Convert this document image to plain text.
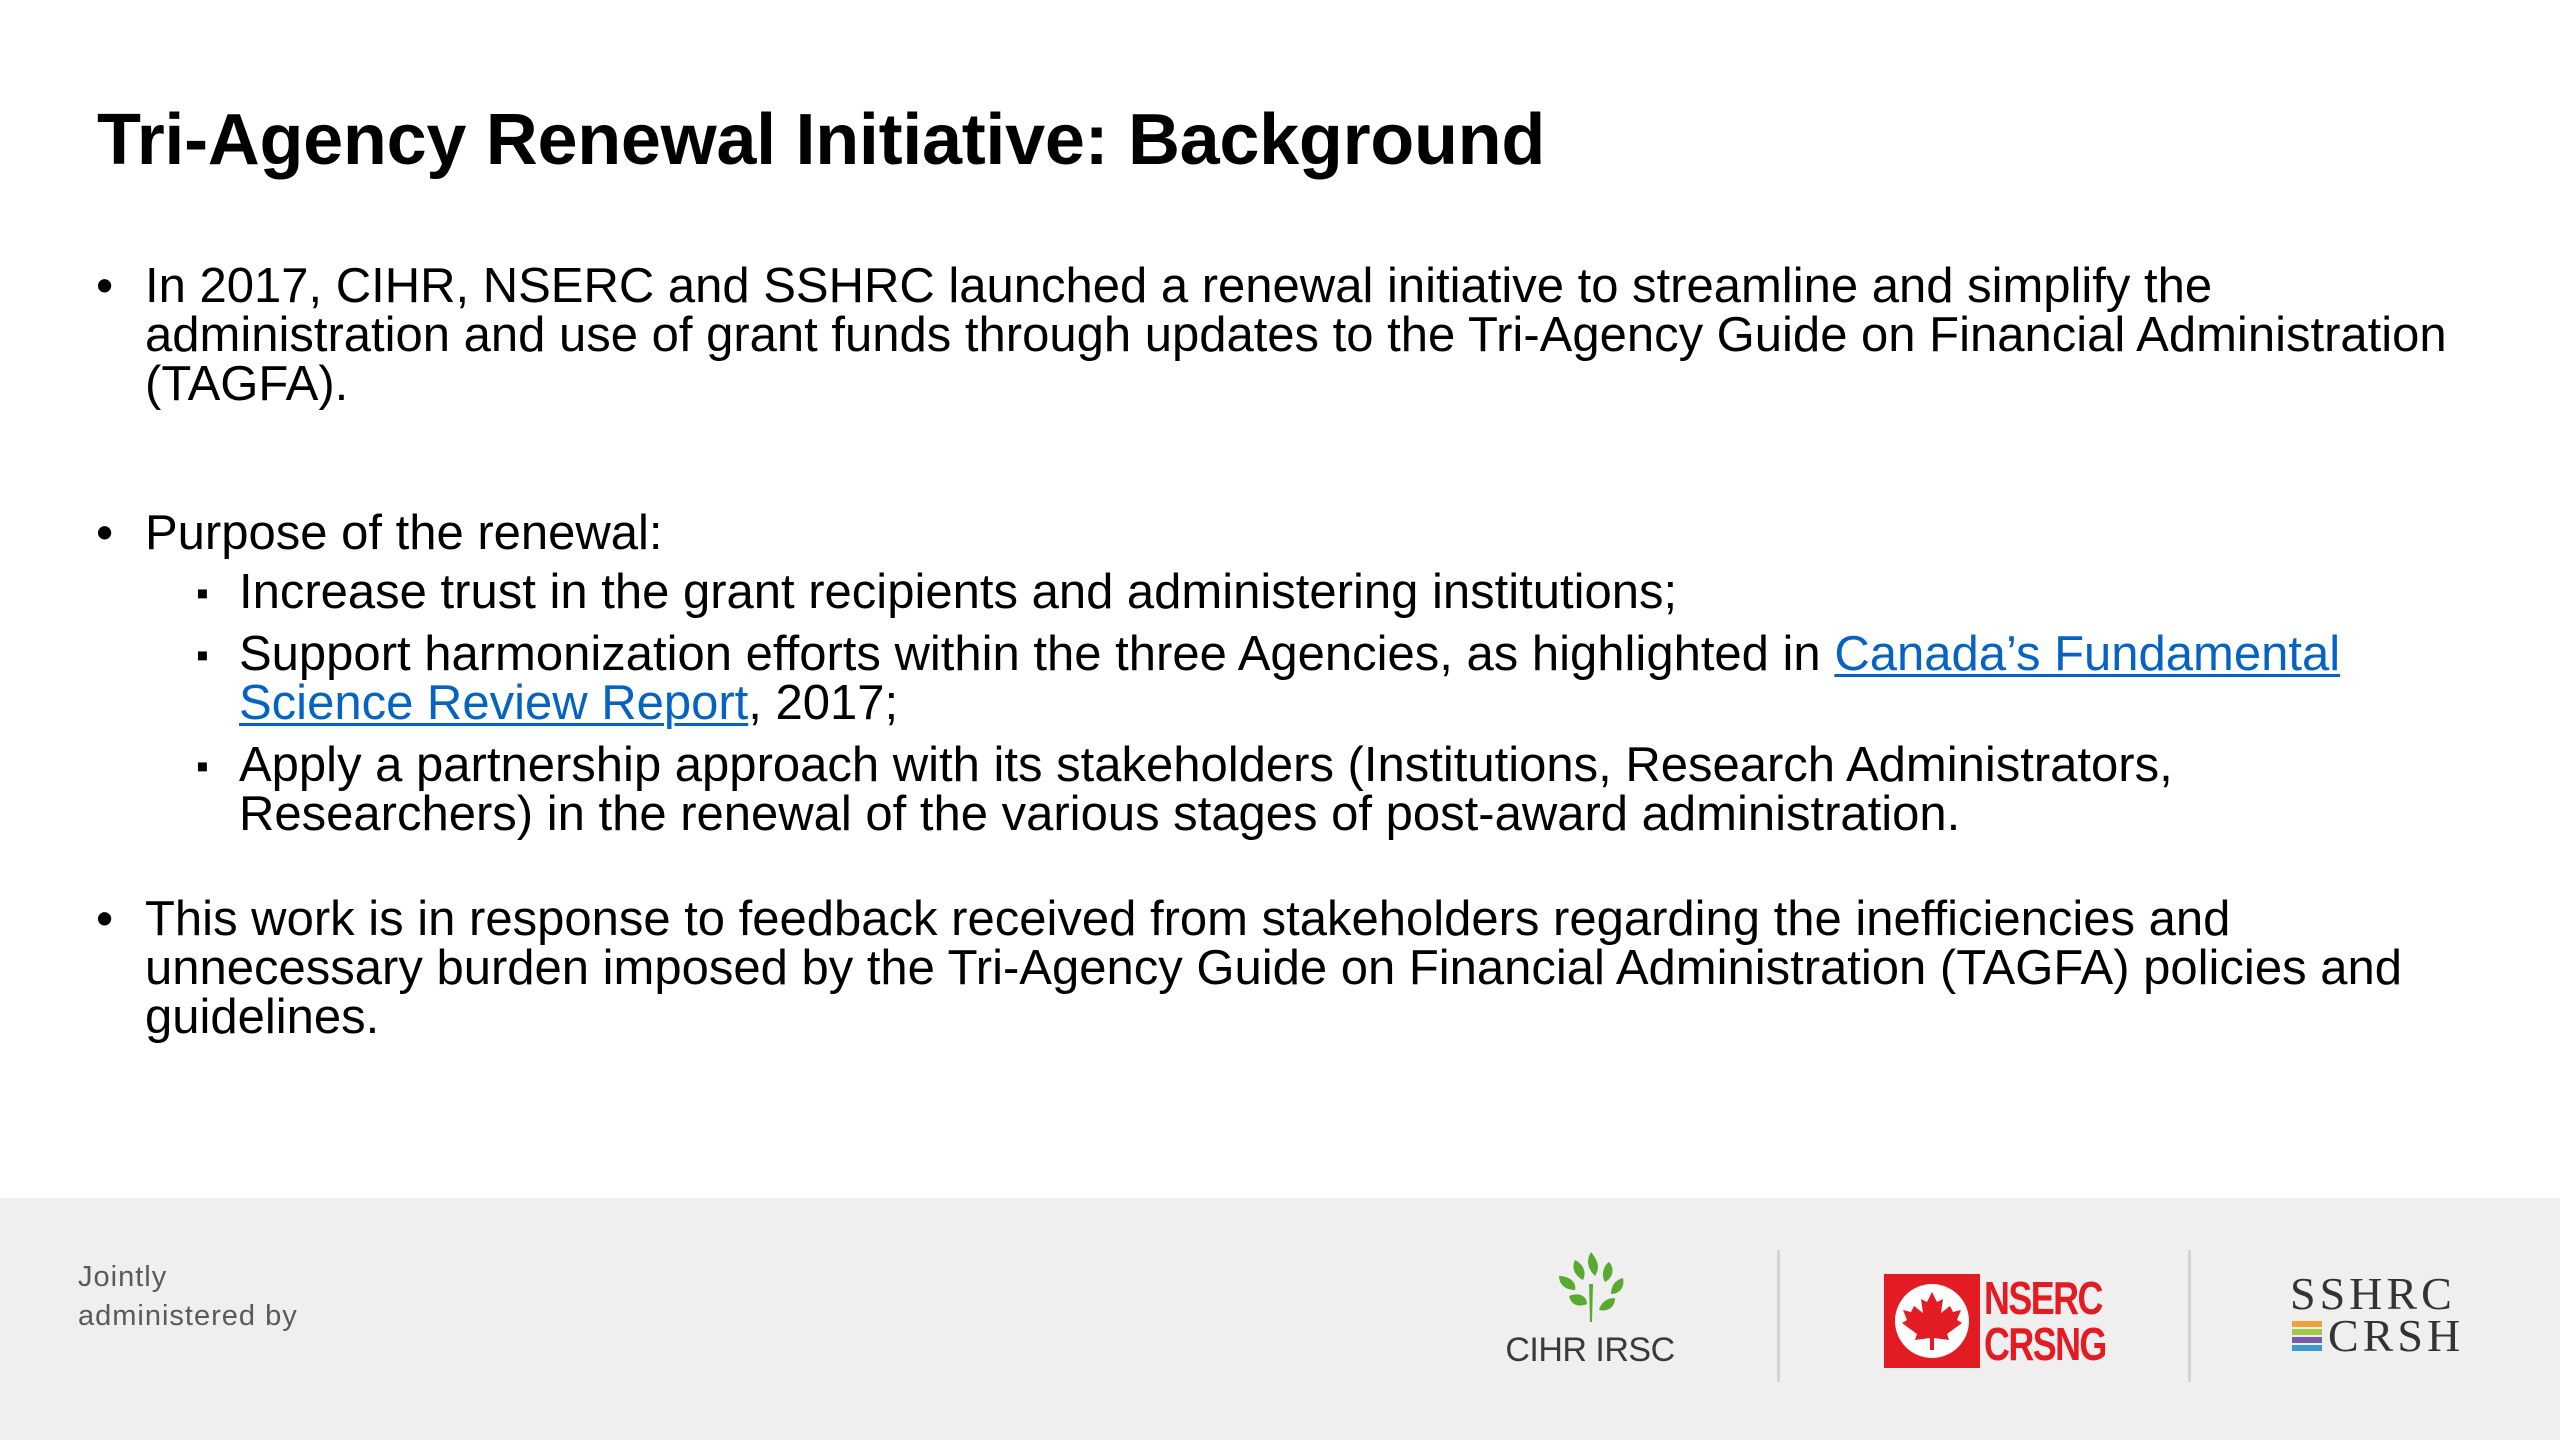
Tri-Agency Renewal Initiative: Background
• In 2017, CIHR, NSERC and SSHRC launched a renewal initiative to streamline and simplify the administration and use of grant funds through updates to the Tri-Agency Guide on Financial Administration (TAGFA).
• Purpose of the renewal:
▪ Increase trust in the grant recipients and administering institutions;
▪ Support harmonization efforts within the three Agencies, as highlighted in Canada’s Fundamental Science Review Report, 2017;
▪ Apply a partnership approach with its stakeholders (Institutions, Research Administrators, Researchers) in the renewal of the various stages of post-award administration.
• This work is in response to feedback received from stakeholders regarding the inefficiencies and unnecessary burden imposed by the Tri-Agency Guide on Financial Administration (TAGFA) policies and guidelines.
Jointly administered by
CIHR IRSC
NSERC
CRSNG
SSHRC
CRSH
